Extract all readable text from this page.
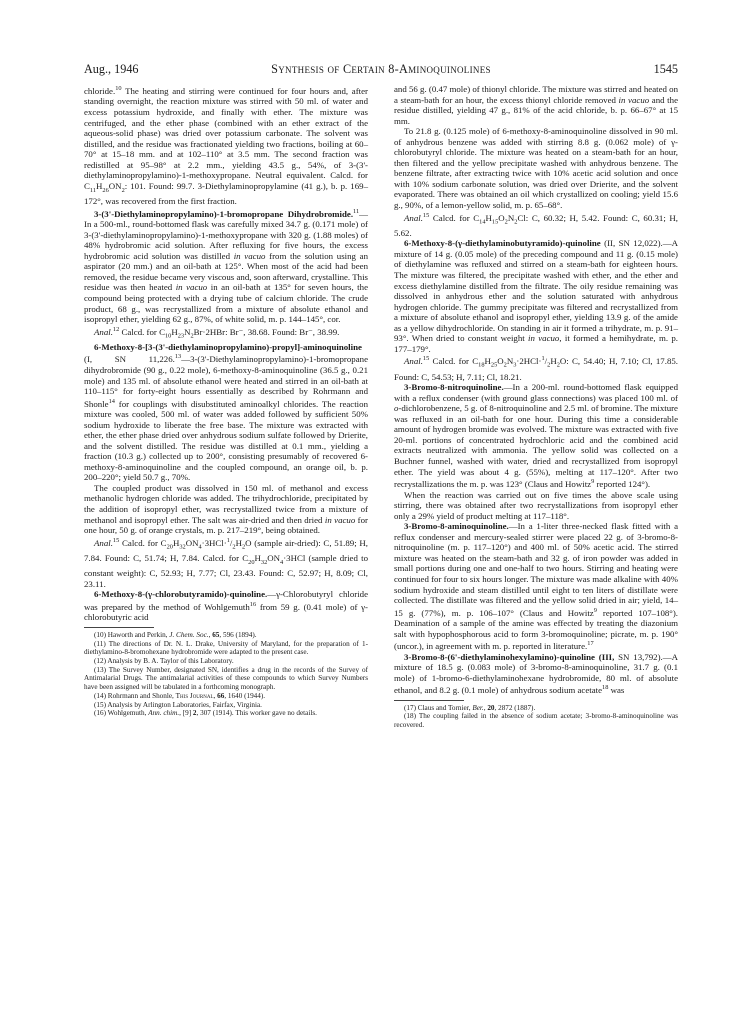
Aug., 1946	Synthesis of Certain 8-Aminoquinolines	1545

chloride.$^{10}$ The heating and stirring were continued for four hours and, after standing overnight, the reaction mixture was stirred with 50 ml. of water and excess potassium hydroxide, and finally with ether. The mixture was centrifuged, and the ether phase (combined with an ether extract of the aqueous-solid phase) was dried over potassium carbonate. The solvent was distilled, and the residue was fractionated yielding two fractions, boiling at 60–70° at 15–18 mm. and at 102–110° at 3.5 mm. The second fraction was redistilled at 95–98° at 2.2 mm., yielding 43.5 g., 54%, of 3-(3'-diethylaminopropylamino)-1-methoxypropane. Neutral equivalent. Calcd. for $C_{11}H_{26}ON_2$: 101. Found: 99.7. 3-Diethylaminopropylamine (41 g.), b. p. 169–172°, was recovered from the first fraction.

3-(3'-Diethylaminopropylamino)-1-bromopropane Dihydrobromide.$^{11}$—In a 500-ml., round-bottomed flask was carefully mixed 34.7 g. (0.171 mole) of 3-(3'-diethylaminopropylamino)-1-methoxypropane with 320 g. (1.88 moles) of 48% hydrobromic acid solution. After refluxing for five hours, the excess hydrobromic acid solution was distilled in vacuo from the solution using an aspirator (20 mm.) and an oil-bath at 125°. When most of the acid had been removed, the residue became very viscous and, soon afterward, crystalline. This residue was then heated in vacuo in an oil-bath at 135° for seven hours, the compound being protected with a drying tube of calcium chloride. The crude product, 68 g., was recrystallized from a mixture of absolute ethanol and isopropyl ether, yielding 62 g., 87%, of white solid, m. p. 144–145°, cor.

Anal.$^{12}$ Calcd. for $C_{10}H_{23}N_2Br\cdot 2HBr$: Br⁻, 38.68. Found: Br⁻, 38.99.

6-Methoxy-8-[3-(3'-diethylaminopropylamino)-propyl]-aminoquinoline (I, SN 11,226.13—3-(3'-Diethylaminopropylamino)-1-bromopropane dihydrobromide (90 g., 0.22 mole), 6-methoxy-8-aminoquinoline (36.5 g., 0.21 mole) and 135 ml. of absolute ethanol were heated and stirred in an oil-bath at 110–115° for forty-eight hours essentially as described by Rohrmann and Shonle$^{14}$ for couplings with disubstituted aminoalkyl chlorides. The reaction mixture was cooled, 500 ml. of water was added followed by sufficient 50% sodium hydroxide to liberate the free base. The mixture was extracted with ether, the ether phase dried over anhydrous sodium sulfate followed by Drierite, and the solvent distilled. The residue was distilled at 0.1 mm., yielding a fraction (10.3 g.) collected up to 200°, consisting presumably of recovered 6-methoxy-8-aminoquinoline and the coupled compound, an orange oil, b. p. 200–220°; yield 50.7 g., 70%.

The coupled product was dissolved in 150 ml. of methanol and excess methanolic hydrogen chloride was added. The trihydrochloride, precipitated by the addition of isopropyl ether, was recrystallized twice from a mixture of methanol and isopropyl ether. The salt was air-dried and then dried in vacuo for one hour, 50 g. of orange crystals, m. p. 217–219°, being obtained.

Anal.$^{15}$ Calcd. for $C_{20}H_{32}ON_4\cdot 3HCl\cdot^1/_2H_2O$ (sample air-dried): C, 51.89; H, 7.84. Found: C, 51.74; H, 7.84. Calcd. for $C_{20}H_{32}ON_4\cdot 3HCl$ (sample dried to constant weight): C, 52.93; H, 7.77; Cl, 23.43. Found: C, 52.97; H, 8.09; Cl, 23.11.

6-Methoxy-8-(γ-chlorobutyramido)-quinoline.—γ-Chlorobutyryl chloride was prepared by the method of Wohlgemuth$^{16}$ from 59 g. (0.41 mole) of γ-chlorobutyric acid

(10) Haworth and Perkin, J. Chem. Soc., 65, 596 (1894).

(11) The directions of Dr. N. L. Drake, University of Maryland, for the preparation of 1-diethylamino-8-bromohexane hydrobromide were adapted to the present case.

(12) Analysis by B. A. Taylor of this Laboratory.

(13) The Survey Number, designated SN, identifies a drug in the records of the Survey of Antimalarial Drugs. The antimalarial activities of these compounds to which Survey Numbers have been assigned will be tabulated in a forthcoming monograph.

(14) Rohrmann and Shonle, This Journal, 66, 1640 (1944).

(15) Analysis by Arlington Laboratories, Fairfax, Virginia.

(16) Wohlgemuth, Ann. chim., [9] 2, 307 (1914). This worker gave no details.

and 56 g. (0.47 mole) of thionyl chloride. The mixture was stirred and heated on a steam-bath for an hour, the excess thionyl chloride removed in vacuo and the residue distilled, yielding 47 g., 81% of the acid chloride, b. p. 66–67° at 15 mm.

To 21.8 g. (0.125 mole) of 6-methoxy-8-aminoquinoline dissolved in 90 ml. of anhydrous benzene was added with stirring 8.8 g. (0.062 mole) of γ-chlorobutyryl chloride. The mixture was heated on a steam-bath for an hour, then filtered and the yellow precipitate washed with anhydrous benzene. The benzene filtrate, after extracting twice with 10% acetic acid solution and once with 10% sodium carbonate solution, was dried over Drierite, and the solvent evaporated. There was obtained an oil which crystallized on cooling; yield 15.6 g., 90%, of a lemon-yellow solid, m. p. 65–68°.

Anal.$^{15}$ Calcd. for $C_{14}H_{15}O_2N_2Cl$: C, 60.32; H, 5.42. Found: C, 60.31; H, 5.62.

6-Methoxy-8-(γ-diethylaminobutyramido)-quinoline (II, SN 12,022).—A mixture of 14 g. (0.05 mole) of the preceding compound and 11 g. (0.15 mole) of diethylamine was refluxed and stirred on a steam-bath for eighteen hours. The mixture was filtered, the precipitate washed with ether, and the ether and excess diethylamine distilled from the filtrate. The oily residue remaining was dissolved in anhydrous ether and the solution saturated with anhydrous hydrogen chloride. The gummy precipitate was filtered and recrystallized from a mixture of absolute ethanol and isopropyl ether, yielding 13.9 g. of the amide as a yellow dihydrochloride. On standing in air it formed a trihydrate, m. p. 91–93°. When dried to constant weight in vacuo, it formed a hemihydrate, m. p. 177–179°.

Anal.$^{15}$ Calcd. for $C_{18}H_{25}O_2N_3\cdot 2HCl\cdot^1/_2H_2O$: C, 54.40; H, 7.10; Cl, 17.85. Found: C, 54.53; H, 7.11; Cl, 18.21.

3-Bromo-8-nitroquinoline.—In a 200-ml. round-bottomed flask equipped with a reflux condenser (with ground glass connections) was placed 100 ml. of o-dichlorobenzene, 5 g. of 8-nitroquinoline and 2.5 ml. of bromine. The mixture was refluxed in an oil-bath for one hour. During this time a considerable amount of hydrogen bromide was evolved. The mixture was extracted with five 20-ml. portions of concentrated hydrochloric acid and the combined acid extracts neutralized with ammonia. The yellow solid was collected on a Buchner funnel, washed with water, dried and recrystallized from isopropyl ether. The yield was about 4 g. (55%), melting at 117–120°. After two recrystallizations the m. p. was 123° (Claus and Howitz$^9$ reported 124°).

When the reaction was carried out on five times the above scale using stirring, there was obtained after two recrystallizations from isopropyl ether only a 29% yield of product melting at 117–118°.

3-Bromo-8-aminoquinoline.—In a 1-liter three-necked flask fitted with a reflux condenser and mercury-sealed stirrer were placed 22 g. of 3-bromo-8-nitroquinoline (m. p. 117–120°) and 400 ml. of 50% acetic acid. The stirred mixture was heated on the steam-bath and 32 g. of iron powder was added in small portions during one and one-half to two hours. Stirring and heating were continued for four to six hours longer. The mixture was made alkaline with 40% sodium hydroxide and steam distilled until eight to ten liters of distillate were collected. The distillate was filtered and the yellow solid dried in air; yield, 14–15 g. (77%), m. p. 106–107° (Claus and Howitz$^9$ reported 107–108°). Deamination of a sample of the amine was effected by treating the diazonium salt with hypophosphorous acid to form 3-bromoquinoline; picrate, m. p. 190° (uncor.), in agreement with m. p. reported in literature.$^{17}$

3-Bromo-8-(6'-diethylaminohexylamino)-quinoline (III, SN 13,792).—A mixture of 18.5 g. (0.083 mole) of 3-bromo-8-aminoquinoline, 31.7 g. (0.1 mole) of 1-bromo-6-diethylaminohexane hydrobromide, 80 ml. of absolute ethanol, and 8.2 g. (0.1 mole) of anhydrous sodium acetate$^{18}$ was

(17) Claus and Tornier, Ber., 20, 2872 (1887).

(18) The coupling failed in the absence of sodium acetate; 3-bromo-8-aminoquinoline was recovered.
